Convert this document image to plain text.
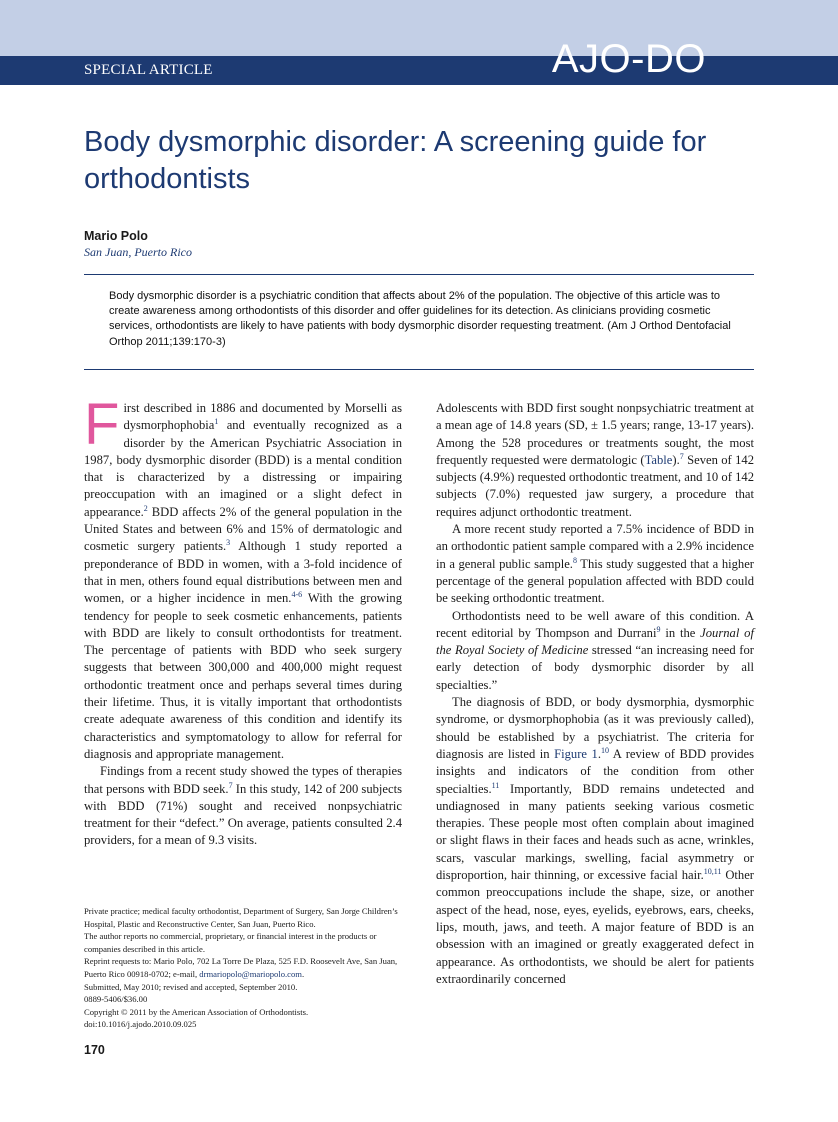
SPECIAL ARTICLE	AJO-DO
Body dysmorphic disorder: A screening guide for orthodontists

Mario Polo

San Juan, Puerto Rico

Body dysmorphic disorder is a psychiatric condition that affects about 2% of the population. The objective of this article was to create awareness among orthodontists of this disorder and offer guidelines for its detection. As clinicians providing cosmetic services, orthodontists are likely to have patients with body dysmorphic disorder requesting treatment. (Am J Orthod Dentofacial Orthop 2011;139:170-3)

First described in 1886 and documented by Morselli as dysmorphophobia$^1$ and eventually recognized as a disorder by the American Psychiatric Association in 1987, body dysmorphic disorder (BDD) is a mental condition that is characterized by a distressing or impairing preoccupation with an imagined or a slight defect in appearance.$^2$ BDD affects 2% of the general population in the United States and between 6% and 15% of dermatologic and cosmetic surgery patients.$^3$ Although 1 study reported a preponderance of BDD in women, with a 3-fold incidence of that in men, others found equal distributions between men and women, or a higher incidence in men.$^{4-6}$ With the growing tendency for people to seek cosmetic enhancements, patients with BDD are likely to consult orthodontists for treatment. The percentage of patients with BDD who seek surgery suggests that between 300,000 and 400,000 might request orthodontic treatment once and perhaps several times during their lifetime. Thus, it is vitally important that orthodontists create adequate awareness of this condition and identify its characteristics and symptomatology to allow for referral for diagnosis and appropriate management.

Findings from a recent study showed the types of therapies that persons with BDD seek.$^7$ In this study, 142 of 200 subjects with BDD (71%) sought and received nonpsychiatric treatment for their “defect.” On average, patients consulted 2.4 providers, for a mean of 9.3 visits.

Adolescents with BDD first sought nonpsychiatric treatment at a mean age of 14.8 years (SD, ± 1.5 years; range, 13-17 years). Among the 528 procedures or treatments sought, the most frequently requested were dermatologic (Table).$^7$ Seven of 142 subjects (4.9%) requested orthodontic treatment, and 10 of 142 subjects (7.0%) requested jaw surgery, a procedure that requires adjunct orthodontic treatment.

A more recent study reported a 7.5% incidence of BDD in an orthodontic patient sample compared with a 2.9% incidence in a general public sample.$^8$ This study suggested that a higher percentage of the general population affected with BDD could be seeking orthodontic treatment.

Orthodontists need to be well aware of this condition. A recent editorial by Thompson and Durrani$^9$ in the Journal of the Royal Society of Medicine stressed “an increasing need for early detection of body dysmorphic disorder by all specialties.”

The diagnosis of BDD, or body dysmorphia, dysmorphic syndrome, or dysmorphophobia (as it was previously called), should be established by a psychiatrist. The criteria for diagnosis are listed in Figure 1.10 A review of BDD provides insights and indicators of the condition from other specialties.$^{11}$ Importantly, BDD remains undetected and undiagnosed in many patients seeking various cosmetic therapies. These people most often complain about imagined or slight flaws in their faces and heads such as acne, wrinkles, scars, vascular markings, swelling, facial asymmetry or disproportion, hair thinning, or excessive facial hair.$^{10,11}$ Other common preoccupations include the shape, size, or another aspect of the head, nose, eyes, eyelids, eyebrows, ears, cheeks, lips, mouth, jaws, and teeth. A major feature of BDD is an obsession with an imagined or greatly exaggerated defect in appearance. As orthodontists, we should be alert for patients extraordinarily concerned

Private practice; medical faculty orthodontist, Department of Surgery, San Jorge Children’s Hospital, Plastic and Reconstructive Center, San Juan, Puerto Rico.
The author reports no commercial, proprietary, or financial interest in the products or companies described in this article.
Reprint requests to: Mario Polo, 702 La Torre De Plaza, 525 F.D. Roosevelt Ave, San Juan, Puerto Rico 00918-0702; e-mail, drmariopolo@mariopolo.com.
Submitted, May 2010; revised and accepted, September 2010.
0889-5406/$36.00
Copyright © 2011 by the American Association of Orthodontists.
doi:10.1016/j.ajodo.2010.09.025
170
